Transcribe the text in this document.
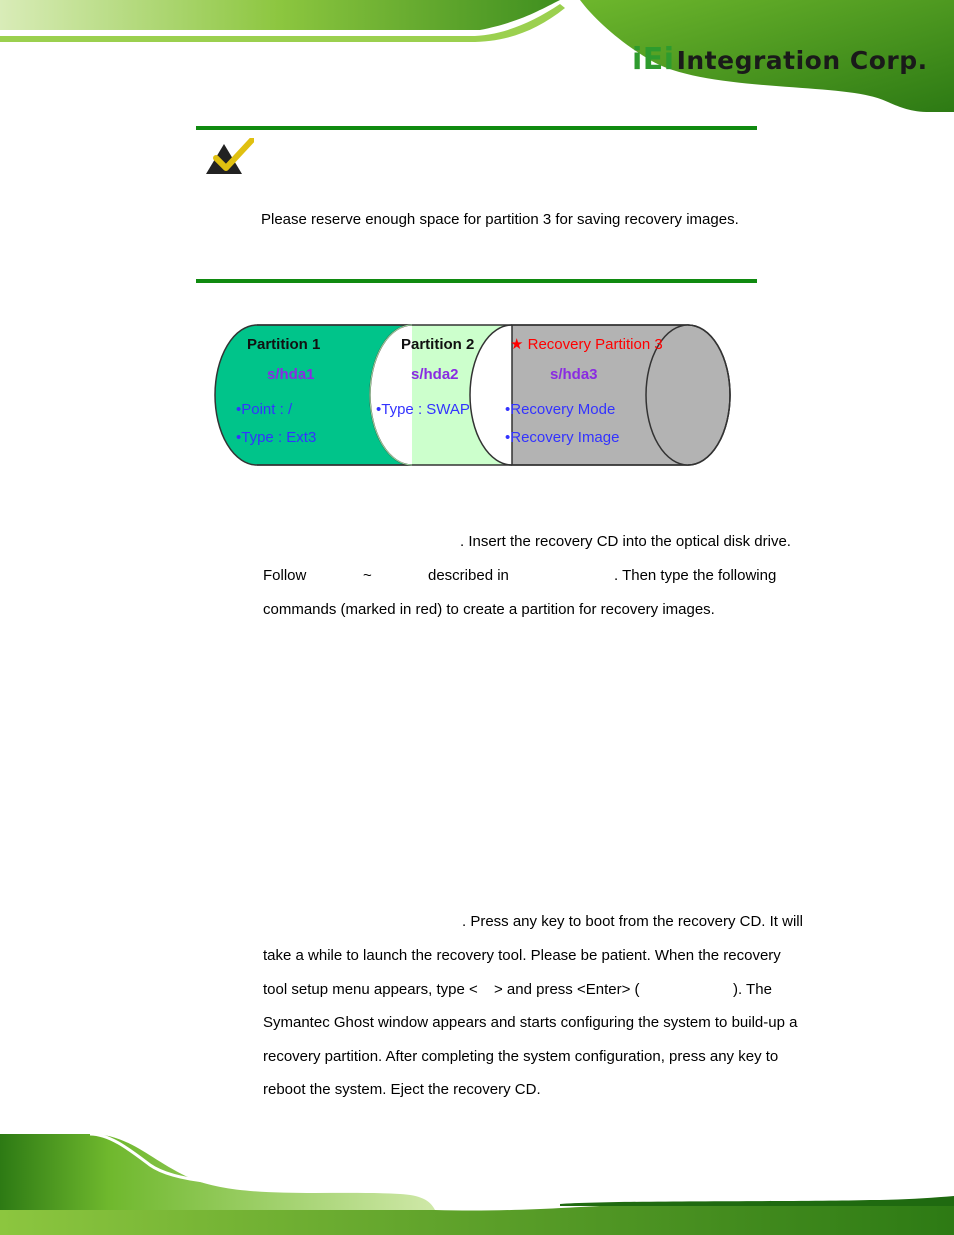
iEiIntegration Corp.
Please reserve enough space for partition 3 for saving recovery images.
Partition 1
s/hda1
•Point : /
•Type : Ext3
Partition 2
s/hda2
•Type : SWAP
★ Recovery Partition 3
s/hda3
•Recovery Mode
•Recovery Image
. Insert the recovery CD into the optical disk drive.
Follow	~	described in	. Then type the following
commands (marked in red) to create a partition for recovery images.
. Press any key to boot from the recovery CD. It will
take a while to launch the recovery tool. Please be patient. When the recovery
tool setup menu appears, type < > and press <Enter> (	). The
Symantec Ghost window appears and starts configuring the system to build-up a
recovery partition. After completing the system configuration, press any key to
reboot the system. Eject the recovery CD.
